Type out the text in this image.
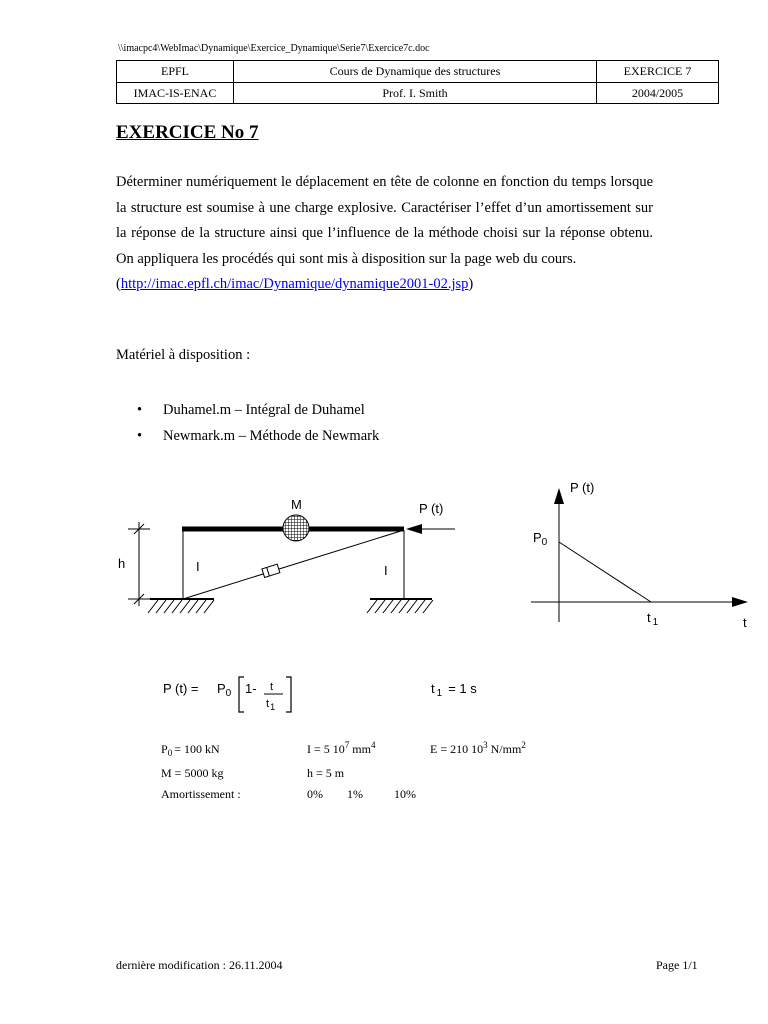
\\imacpc4\WebImac\Dynamique\Exercice_Dynamique\Serie7\Exercice7c.doc
EPFL	Cours de Dynamique des structures	EXERCICE 7
IMAC-IS-ENAC	Prof. I. Smith	2004/2005
EXERCICE No 7

Déterminer numériquement le déplacement en tête de colonne en fonction du temps lorsque la structure est soumise à une charge explosive. Caractériser l’effet d’un amortissement sur la réponse de la structure ainsi que l’influence de la méthode choisi sur la réponse obtenu. On appliquera les procédés qui sont mis à disposition sur la page web du cours.

(http://imac.epfl.ch/imac/Dynamique/dynamique2001-02.jsp)

Matériel à disposition :
• Duhamel.m – Intégral de Duhamel
• Newmark.m – Méthode de Newmark
h	I	I
M	P (t)
P (t)
$P_0$
t $_1$	t
P $(t) = P_0$ 1- t
$t_1$
t $_1$ = 1 s
$P_0 = 100$ kN	I = 5 $10^7$ $mm^4$	E = 210 $10^3$ $N/mm^2$
M = 5000 kg	h = 5 m
Amortissement :	0% 1%	10%
dernière modification : 26.11.2004	Page 1/1
